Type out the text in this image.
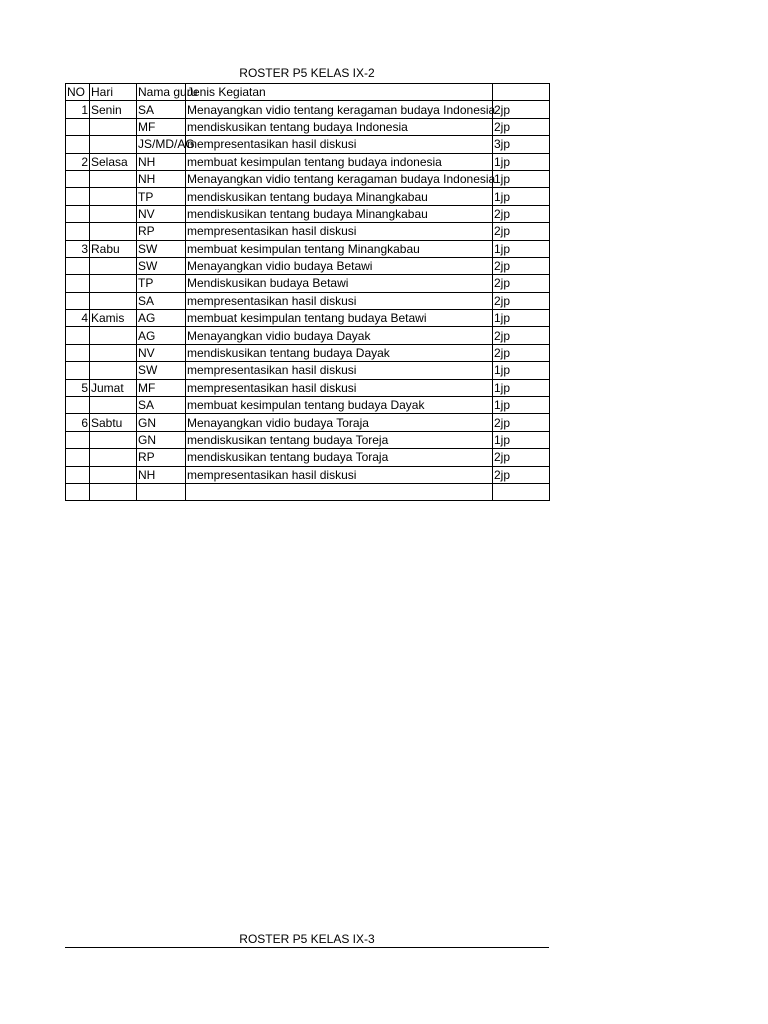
ROSTER P5 KELAS IX-2
NO	Hari	Nama guru	Jenis Kegiatan	
1	Senin	SA	Menayangkan vidio tentang keragaman budaya Indonesia	2jp
		MF	mendiskusikan tentang budaya Indonesia	2jp
		JS/MD/AG	mempresentasikan hasil diskusi	3jp
2	Selasa	NH	membuat kesimpulan tentang budaya indonesia	1jp
		NH	Menayangkan vidio tentang keragaman budaya Indonesia	1jp
		TP	mendiskusikan tentang budaya Minangkabau	1jp
		NV	mendiskusikan tentang budaya Minangkabau	2jp
		RP	mempresentasikan hasil diskusi	2jp
3	Rabu	SW	membuat kesimpulan tentang Minangkabau	1jp
		SW	Menayangkan vidio budaya Betawi	2jp
		TP	Mendiskusikan budaya Betawi	2jp
		SA	mempresentasikan hasil diskusi	2jp
4	Kamis	AG	membuat kesimpulan tentang budaya Betawi	1jp
		AG	Menayangkan vidio budaya Dayak	2jp
		NV	mendiskusikan tentang budaya Dayak	2jp
		SW	mempresentasikan hasil diskusi	1jp
5	Jumat	MF	mempresentasikan hasil diskusi	1jp
		SA	membuat kesimpulan tentang budaya Dayak	1jp
6	Sabtu	GN	Menayangkan vidio budaya Toraja	2jp
		GN	mendiskusikan tentang budaya Toreja	1jp
		RP	mendiskusikan tentang budaya Toraja	2jp
		NH	mempresentasikan hasil diskusi	2jp

ROSTER P5 KELAS IX-3
